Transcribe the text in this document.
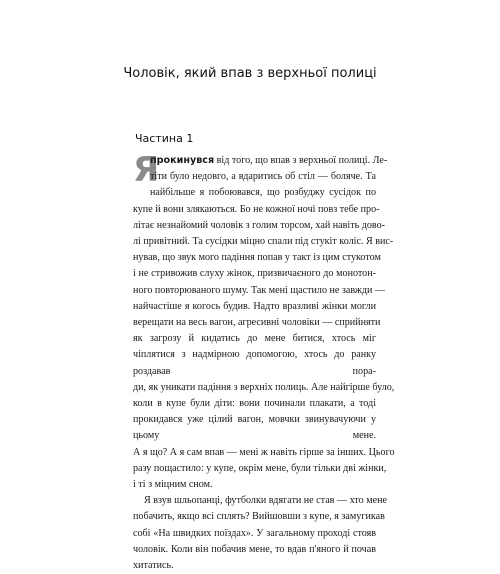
Чоловік, який впав з верхньої полиці
Частина 1
Я
прокинувся від того, що впав з верхньої полиці. Ле-
тіти було недовго, а вдаритись об стіл — боляче. Та
найбільше я побоювався, що розбуджу сусідок по
купе й вони злякаються. Бо не кожної ночі повз тебе про-
літає незнайомий чоловік з голим торсом, хай навіть дово-
лі привітний. Та сусідки міцно спали під стукіт коліс. Я вис-
нував, що звук мого падіння попав у такт із цим стукотом
і не стривожив слуху жінок, призвичаєного до монотон-
ного повторюваного шуму. Так мені щастило не завжди —
найчастіше я когось будив. Надто вразливі жінки могли
верещати на весь вагон, агресивні чоловіки — сприйняти
як загрозу й кидатись до мене битися, хтось міг чіплятися з надмірною допомогою, хтось до ранку роздавав пора-
ди, як уникати падіння з верхніх полиць. Але найгірше було,
коли в купе були діти: вони починали плакати, а тоді прокидався уже цілий вагон, мовчки звинувачуючи у цьому мене.
А я що? А я сам впав — мені ж навіть гірше за інших. Цього
разу пощастило: у купе, окрім мене, були тільки дві жінки,
і ті з міцним сном.
Я взув шльопанці, футболки вдягати не став — хто мене
побачить, якщо всі сплять? Вийшовши з купе, я замугикав
собі «На швидких поїздах». У загальному проході стояв чоловік. Коли він побачив мене, то вдав п'яного й почав хитатись.
